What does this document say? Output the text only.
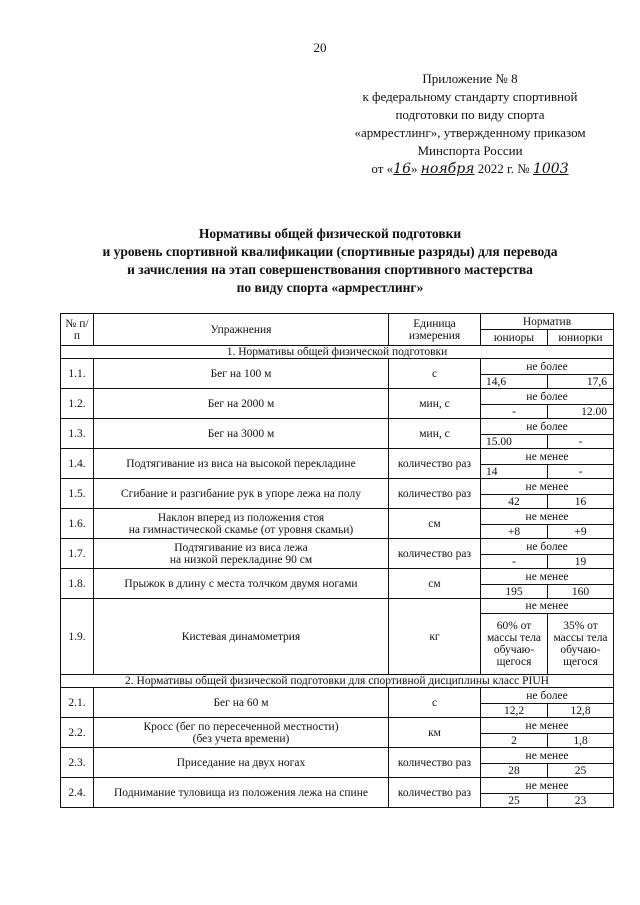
20
Приложение № 8
к федеральному стандарту спортивной
подготовки по виду спорта
«армрестлинг», утвержденному приказом
Минспорта России
от «16» ноября 2022 г. № 1003
Нормативы общей физической подготовки
и уровень спортивной квалификации (спортивные разряды) для перевода
и зачисления на этап совершенствования спортивного мастерства
по виду спорта «армрестлинг»
№ п/п	Упражнения	Единица измерения	Норматив	
			юниоры	юниорки
1. Нормативы общей физической подготовки				
1.1.	Бег на 100 м	с	не более	
			14,6	17,6
1.2.	Бег на 2000 м	мин, с	не более	
			-	12.00
1.3.	Бег на 3000 м	мин, с	не более	
			15.00	-
1.4.	Подтягивание из виса на высокой перекладине	количество раз	не менее	
			14	-
1.5.	Сгибание и разгибание рук в упоре лежа на полу	количество раз	не менее	
			42	16
1.6.	Наклон вперед из положения стоя
на гимнастической скамье (от уровня скамьи)	см	не менее	
			+8	+9
1.7.	Подтягивание из виса лежа
на низкой перекладине 90 см	количество раз	не более	
			-	19
1.8.	Прыжок в длину с места толчком двумя ногами	см	не менее	
			195	160
1.9.	Кистевая динамометрия	кг	не менее	
			60% от массы тела обучаю-щегося	35% от массы тела обучаю-щегося
2. Нормативы общей физической подготовки для спортивной дисциплины класс PIUH				
2.1.	Бег на 60 м	с	не более	
			12,2	12,8
2.2.	Кросс (бег по пересеченной местности)
(без учета времени)	км	не менее	
			2	1,8
2.3.	Приседание на двух ногах	количество раз	не менее	
			28	25
2.4.	Поднимание туловища из положения лежа на спине	количество раз	не менее	
			25	23
